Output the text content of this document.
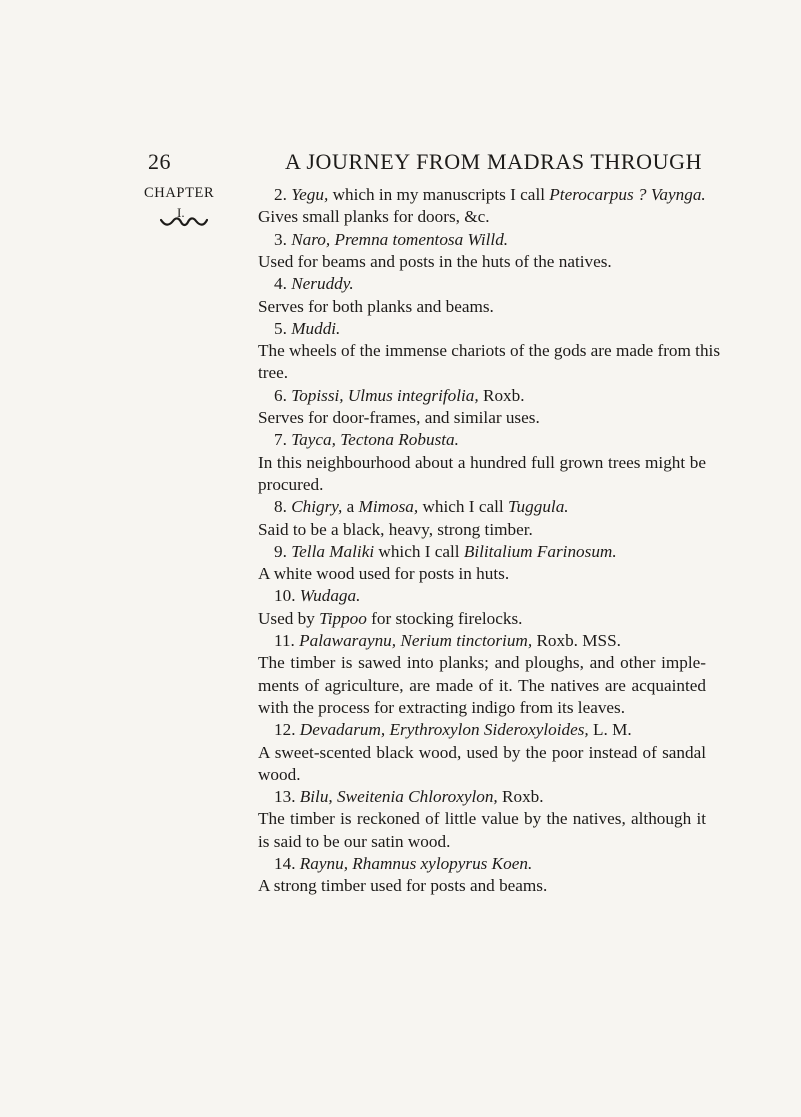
26	A JOURNEY FROM MADRAS THROUGH
CHAPTER
I.
2. Yegu, which in my manuscripts I call Pterocarpus ? Vaynga.
Gives small planks for doors, &c.
3. Naro, Premna tomentosa Willd.
Used for beams and posts in the huts of the natives.
4. Neruddy.
Serves for both planks and beams.
5. Muddi.
The wheels of the immense chariots of the gods are made from this
tree.
6. Topissi, Ulmus integrifolia, Roxb.
Serves for door-frames, and similar uses.
7. Tayca, Tectona Robusta.
In this neighbourhood about a hundred full grown trees might be
procured.
8. Chigry, a Mimosa, which I call Tuggula.
Said to be a black, heavy, strong timber.
9. Tella Maliki which I call Bilitalium Farinosum.
A white wood used for posts in huts.
10. Wudaga.
Used by Tippoo for stocking firelocks.
11. Palawaraynu, Nerium tinctorium, Roxb. MSS.
The timber is sawed into planks; and ploughs, and other imple-
ments of agriculture, are made of it. The natives are acquainted
with the process for extracting indigo from its leaves.
12. Devadarum, Erythroxylon Sideroxyloides, L. M.
A sweet-scented black wood, used by the poor instead of sandal
wood.
13. Bilu, Sweitenia Chloroxylon, Roxb.
The timber is reckoned of little value by the natives, although it
is said to be our satin wood.
14. Raynu, Rhamnus xylopyrus Koen.
A strong timber used for posts and beams.
